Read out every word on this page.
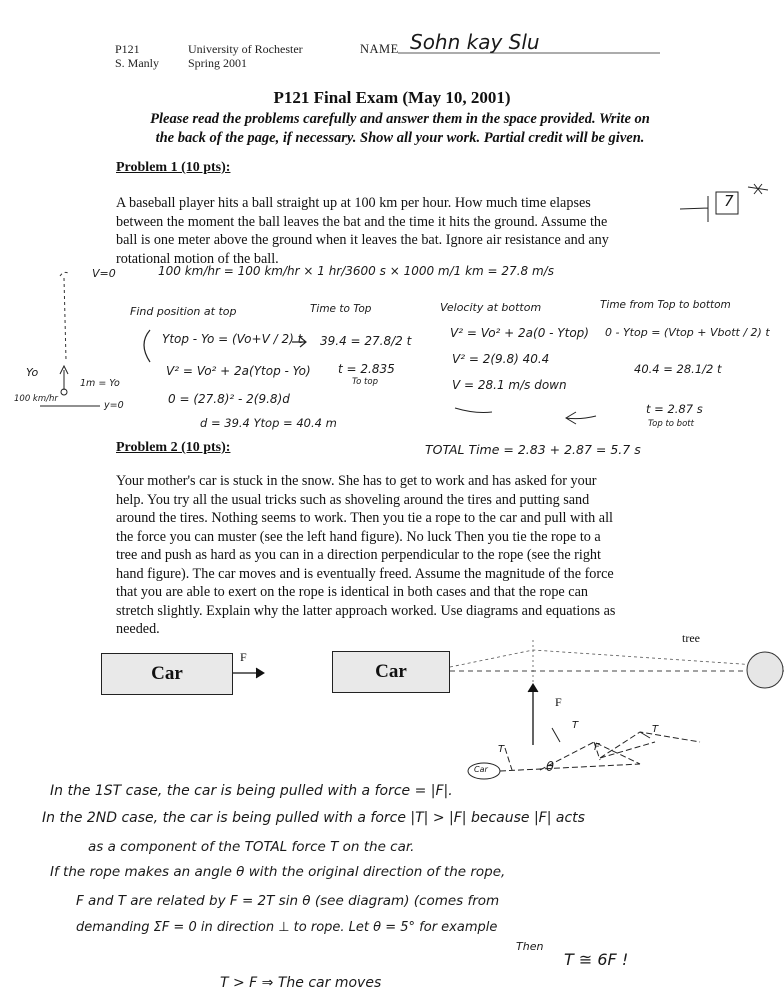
P121
S. Manly
University of Rochester
Spring 2001
NAME Sohn kay Slu
P121 Final Exam (May 10, 2001)
Please read the problems carefully and answer them in the space provided. Write on
the back of the page, if necessary. Show all your work. Partial credit will be given.
Problem 1 (10 pts):
A baseball player hits a ball straight up at 100 km per hour. How much time elapses
between the moment the ball leaves the bat and the time it hits the ground. Assume the
ball is one meter above the ground when it leaves the bat. Ignore air resistance and any
rotational motion of the ball.
7
V=0	100 km/hr = 100 km/hr × 1 hr/3600 s × 1000 m/1 km = 27.8 m/s
Find position at top	Time to Top	Velocity at bottom	Time from Top to bottom
Ytop - Yo = (Vo+V / 2) t 39.4 = 27.8/2 t
t = 2.835
To top
V² = Vo² + 2a(Ytop - Yo)
0 = (27.8)² - 2(9.8)d
d = 39.4 Ytop = 40.4 m
V² = Vo² + 2a(0 - Ytop)
V² = 2(9.8) 40.4
V = 28.1 m/s down
0 - Ytop = (Vtop + Vbott / 2) t
40.4 = 28.1/2 t
t = 2.87 s
Top to bott
Yo
1m = Yo
100 km/hr
y=0
TOTAL Time = 2.83 + 2.87 = 5.7 s
Problem 2 (10 pts):
Your mother's car is stuck in the snow. She has to get to work and has asked for your
help. You try all the usual tricks such as shoveling around the tires and putting sand
around the tires. Nothing seems to work. Then you tie a rope to the car and pull with all
the force you can muster (see the left hand figure). No luck Then you tie the rope to a
tree and push as hard as you can in a direction perpendicular to the rope (see the right
hand figure). The car moves and is eventually freed. Assume the magnitude of the force
that you are able to exert on the rope is identical in both cases and that the rope can
stretch slightly. Explain why the latter approach worked. Use diagrams and equations as
needed.
Car
F
Car
tree
F
T
T
F
T
Car	θ
In the 1ST case, the car is being pulled with a force = |F|.
In the 2ND case, the car is being pulled with a force |T| > |F| because |F| acts
as a component of the TOTAL force T on the car.
If the rope makes an angle θ with the original direction of the rope,
F and T are related by F = 2T sin θ (see diagram) (comes from
demanding ΣF = 0 in direction ⊥ to rope. Let θ = 5° for example
Then
T ≅ 6F !
T > F ⇒ The car moves
